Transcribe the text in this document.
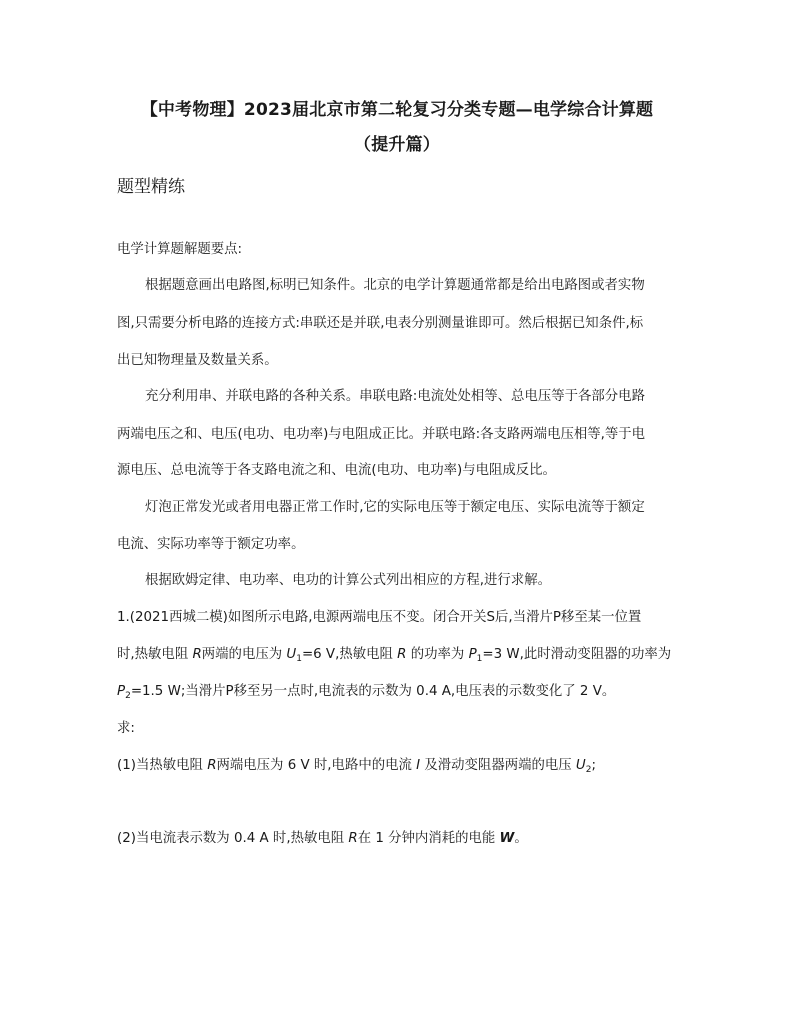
【中考物理】2023届北京市第二轮复习分类专题—电学综合计算题
（提升篇）
题型精练
电学计算题解题要点:
根据题意画出电路图,标明已知条件。北京的电学计算题通常都是给出电路图或者实物
图,只需要分析电路的连接方式:串联还是并联,电表分别测量谁即可。然后根据已知条件,标
出已知物理量及数量关系。
充分利用串、并联电路的各种关系。串联电路:电流处处相等、总电压等于各部分电路
两端电压之和、电压(电功、电功率)与电阻成正比。并联电路:各支路两端电压相等,等于电
源电压、总电流等于各支路电流之和、电流(电功、电功率)与电阻成反比。
灯泡正常发光或者用电器正常工作时,它的实际电压等于额定电压、实际电流等于额定
电流、实际功率等于额定功率。
根据欧姆定律、电功率、电功的计算公式列出相应的方程,进行求解。
1.(2021西城二模)如图所示电路,电源两端电压不变。闭合开关S后,当滑片P移至某一位置
时,热敏电阻 R两端的电压为 $U_1=6$ V,热敏电阻 R 的功率为 $P_1=3$ W,此时滑动变阻器的功率为
$P_2=1.5$ W;当滑片P移至另一点时,电流表的示数为 0.4 A,电压表的示数变化了 2 V。
求:
(1)当热敏电阻 R两端电压为 6 V 时,电路中的电流 I 及滑动变阻器两端的电压 $U_2$;
(2)当电流表示数为 0.4 A 时,热敏电阻 R在 1 分钟内消耗的电能 W。
